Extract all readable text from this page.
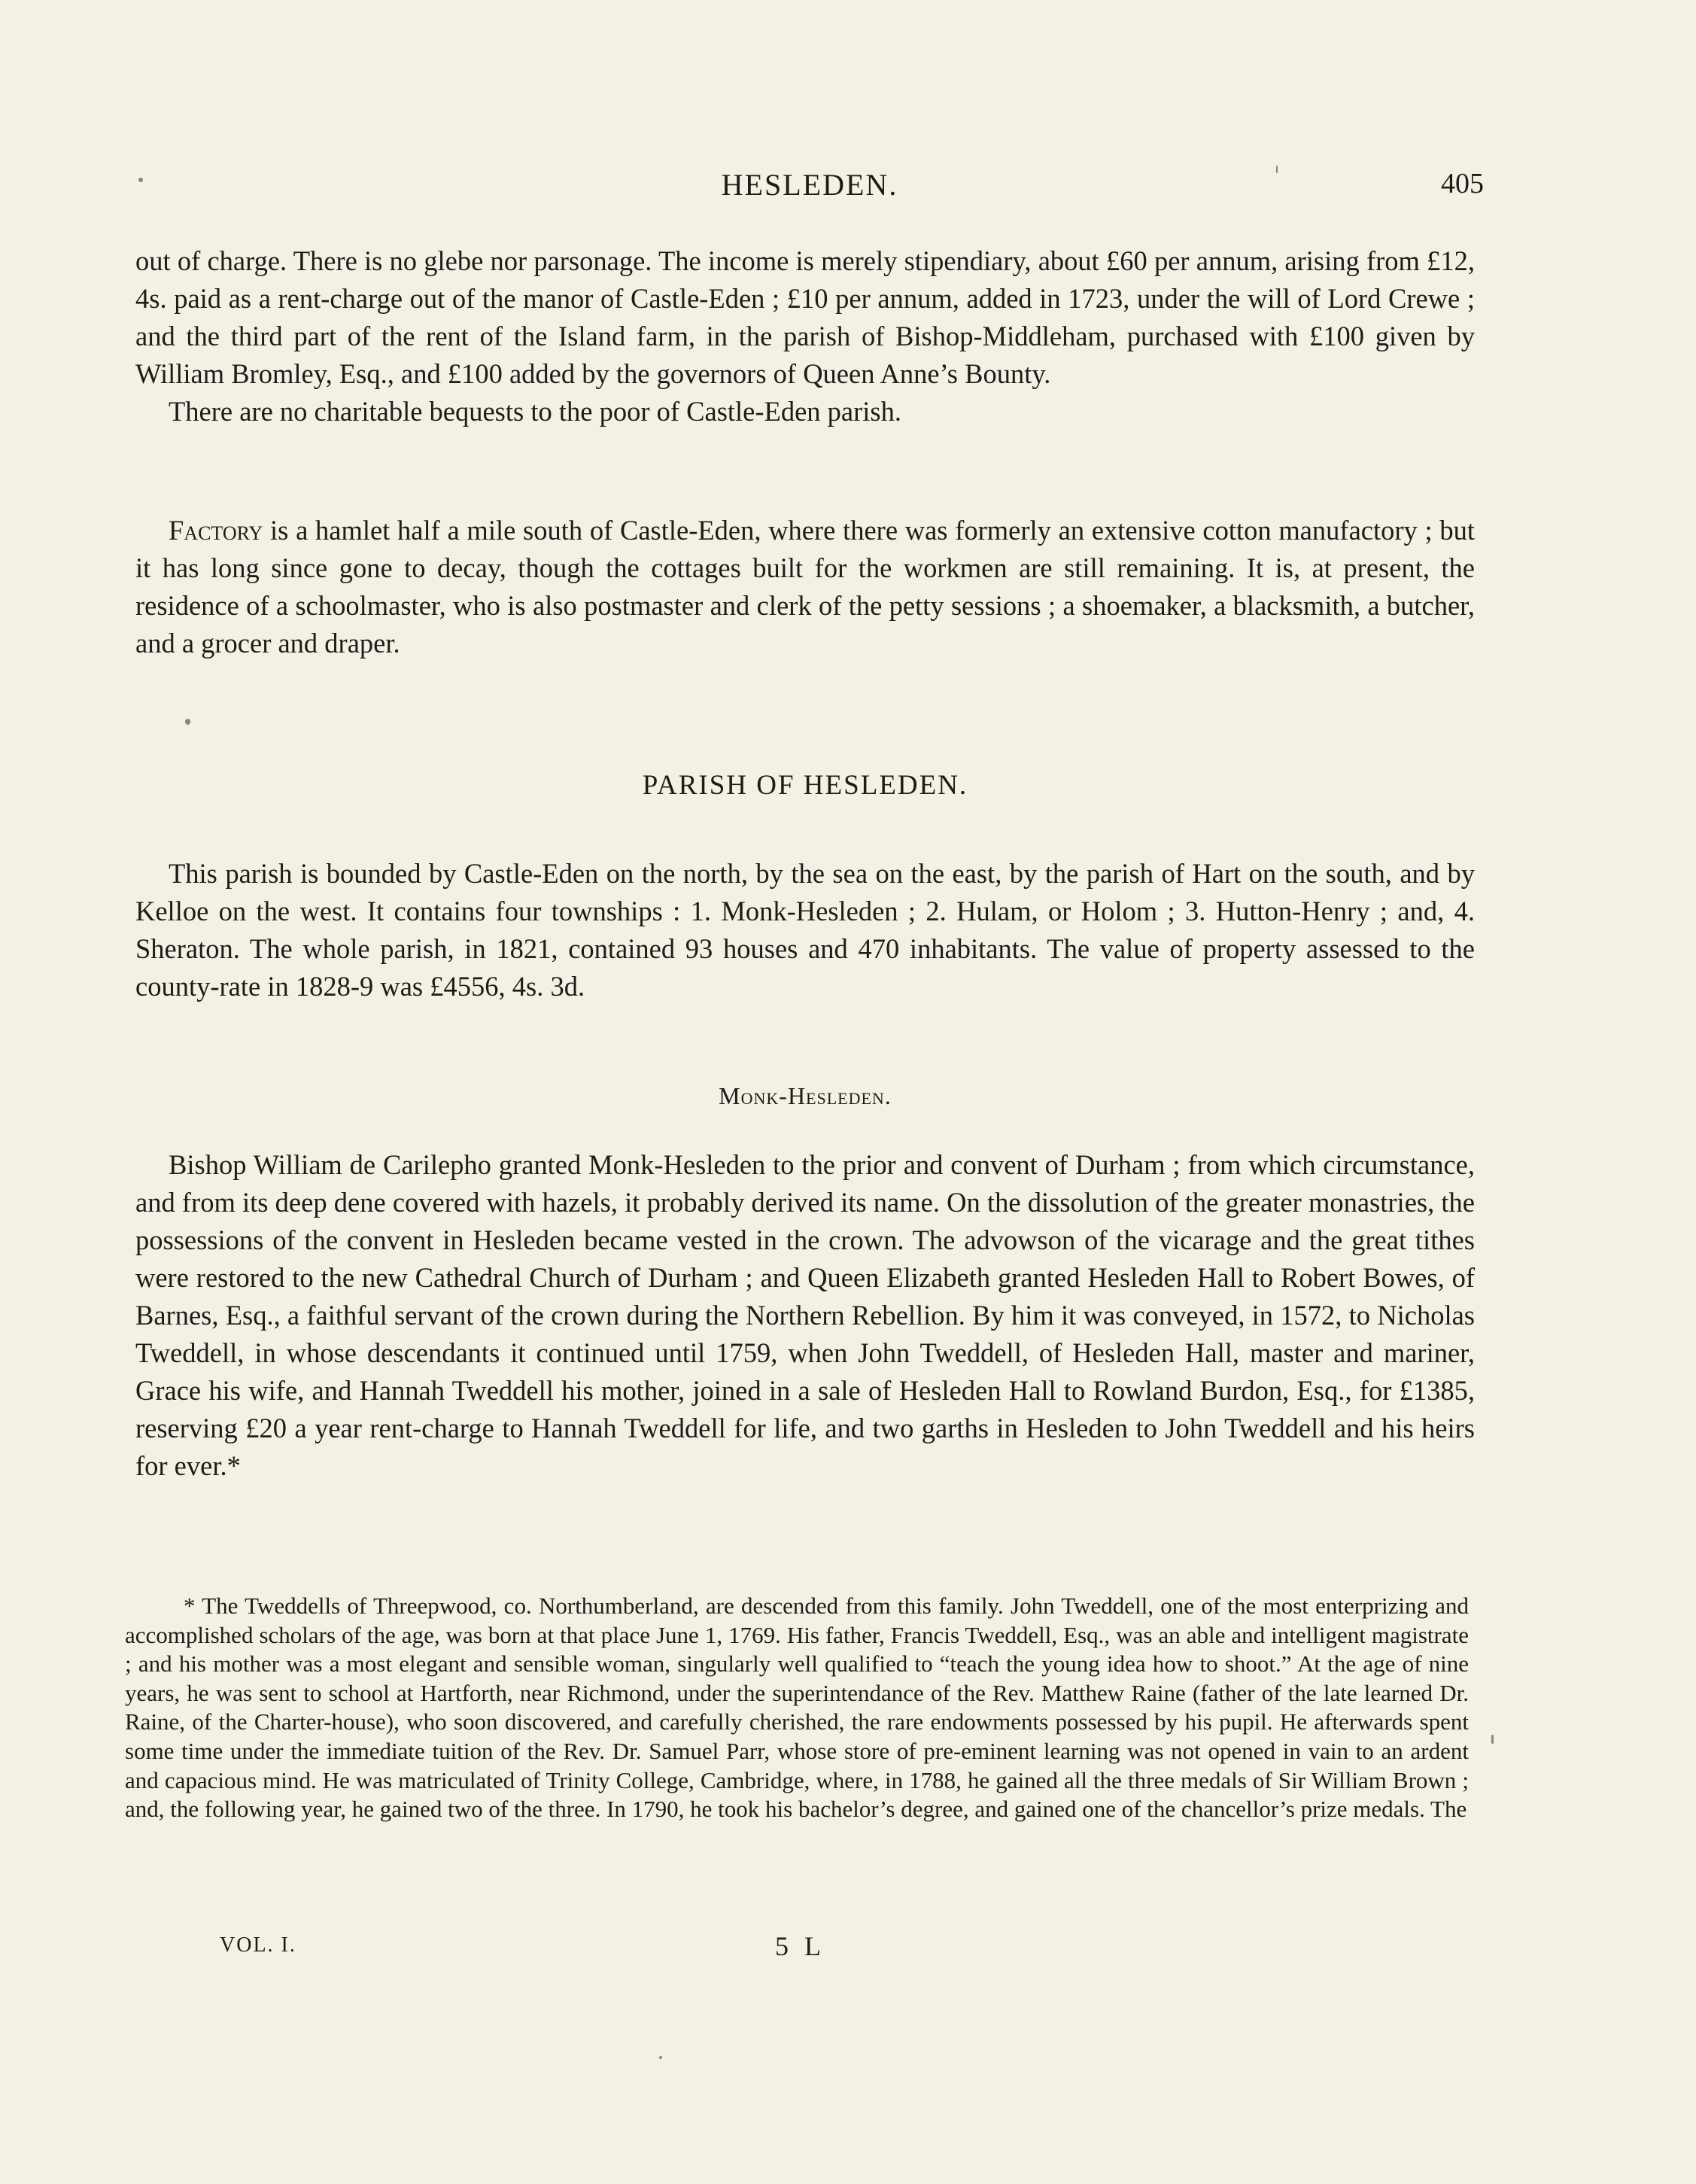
HESLEDEN.	405

out of charge. There is no glebe nor parsonage. The income is merely stipendiary, about £60 per annum, arising from £12, 4s. paid as a rent-charge out of the manor of Castle-Eden ; £10 per annum, added in 1723, under the will of Lord Crewe ; and the third part of the rent of the Island farm, in the parish of Bishop-Middleham, purchased with £100 given by William Bromley, Esq., and £100 added by the governors of Queen Anne’s Bounty.

There are no charitable bequests to the poor of Castle-Eden parish.

Factory is a hamlet half a mile south of Castle-Eden, where there was formerly an extensive cotton manufactory ; but it has long since gone to decay, though the cottages built for the workmen are still remaining. It is, at present, the residence of a schoolmaster, who is also postmaster and clerk of the petty sessions ; a shoemaker, a blacksmith, a butcher, and a grocer and draper.

PARISH OF HESLEDEN.

This parish is bounded by Castle-Eden on the north, by the sea on the east, by the parish of Hart on the south, and by Kelloe on the west. It contains four townships : 1. Monk-Hesleden ; 2. Hulam, or Holom ; 3. Hutton-Henry ; and, 4. Sheraton. The whole parish, in 1821, contained 93 houses and 470 inhabitants. The value of property assessed to the county-rate in 1828-9 was £4556, 4s. 3d.

Monk-Hesleden.

Bishop William de Carilepho granted Monk-Hesleden to the prior and convent of Durham ; from which circumstance, and from its deep dene covered with hazels, it probably derived its name. On the dissolution of the greater monastries, the possessions of the convent in Hesleden became vested in the crown. The advowson of the vicarage and the great tithes were restored to the new Cathedral Church of Durham ; and Queen Elizabeth granted Hesleden Hall to Robert Bowes, of Barnes, Esq., a faithful servant of the crown during the Northern Rebellion. By him it was conveyed, in 1572, to Nicholas Tweddell, in whose descendants it continued until 1759, when John Tweddell, of Hesleden Hall, master and mariner, Grace his wife, and Hannah Tweddell his mother, joined in a sale of Hesleden Hall to Rowland Burdon, Esq., for £1385, reserving £20 a year rent-charge to Hannah Tweddell for life, and two garths in Hesleden to John Tweddell and his heirs for ever.*

* The Tweddells of Threepwood, co. Northumberland, are descended from this family. John Tweddell, one of the most enterprizing and accomplished scholars of the age, was born at that place June 1, 1769. His father, Francis Tweddell, Esq., was an able and intelligent magistrate ; and his mother was a most elegant and sensible woman, singularly well qualified to “teach the young idea how to shoot.” At the age of nine years, he was sent to school at Hartforth, near Richmond, under the superintendance of the Rev. Matthew Raine (father of the late learned Dr. Raine, of the Charter-house), who soon discovered, and carefully cherished, the rare endowments possessed by his pupil. He afterwards spent some time under the immediate tuition of the Rev. Dr. Samuel Parr, whose store of pre-eminent learning was not opened in vain to an ardent and capacious mind. He was matriculated of Trinity College, Cambridge, where, in 1788, he gained all the three medals of Sir William Brown ; and, the following year, he gained two of the three. In 1790, he took his bachelor’s degree, and gained one of the chancellor’s prize medals. The

VOL. I.	5 L
